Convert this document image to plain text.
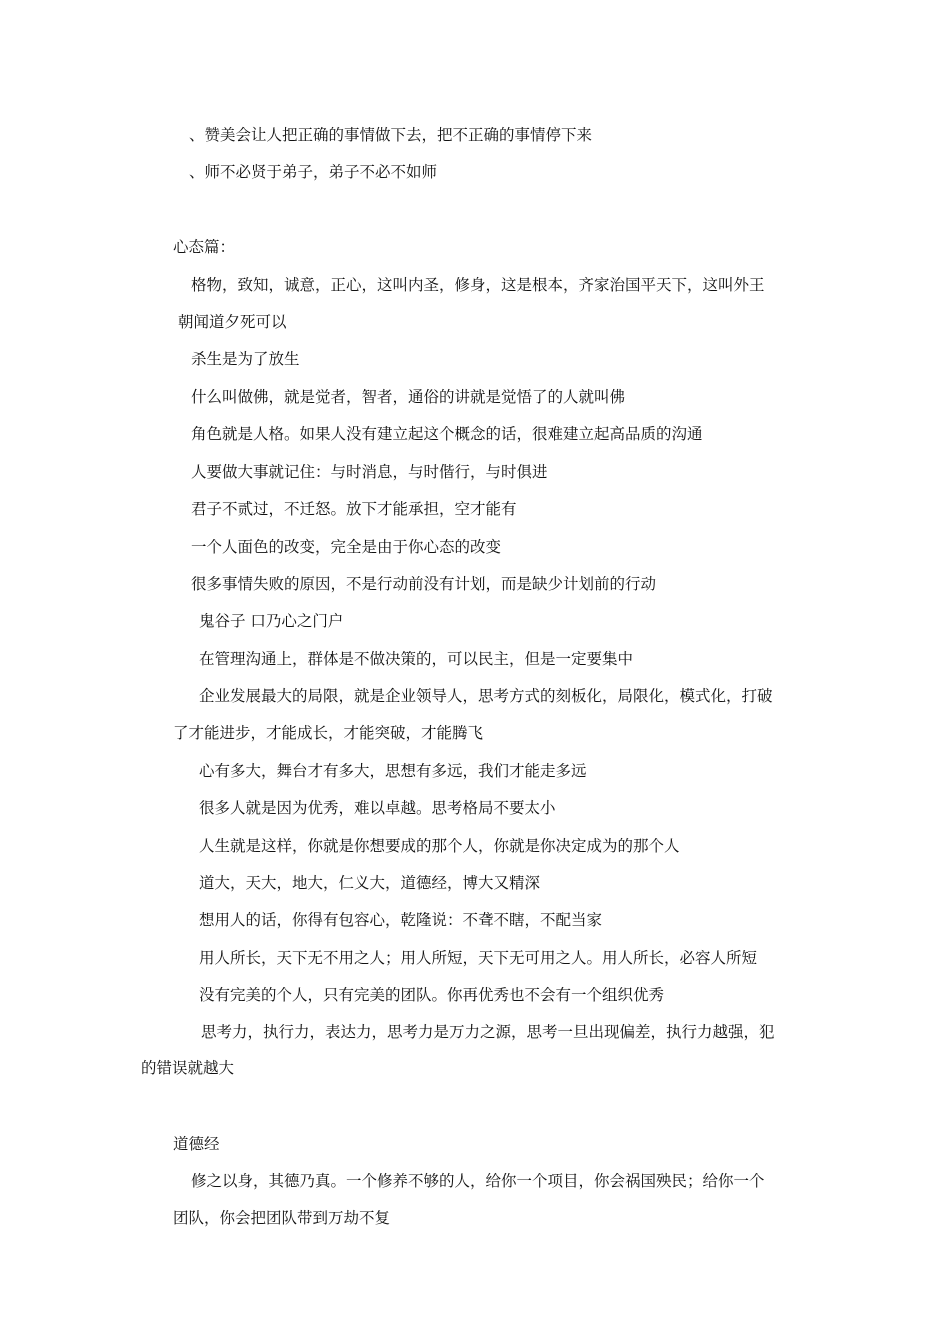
、赞美会让人把正确的事情做下去，把不正确的事情停下来

、师不必贤于弟子，弟子不必不如师

心态篇：

格物，致知，诚意，正心，这叫内圣，修身，这是根本，齐家治国平天下，这叫外王

朝闻道夕死可以

杀生是为了放生

什么叫做佛，就是觉者，智者，通俗的讲就是觉悟了的人就叫佛

角色就是人格。如果人没有建立起这个概念的话，很难建立起高品质的沟通

人要做大事就记住：与时消息，与时偕行，与时俱进

君子不贰过，不迁怒。放下才能承担，空才能有

一个人面色的改变，完全是由于你心态的改变

很多事情失败的原因，不是行动前没有计划，而是缺少计划前的行动

鬼谷子 口乃心之门户

在管理沟通上，群体是不做决策的，可以民主，但是一定要集中

企业发展最大的局限，就是企业领导人，思考方式的刻板化，局限化，模式化，打破

了才能进步，才能成长，才能突破，才能腾飞

心有多大，舞台才有多大，思想有多远，我们才能走多远

很多人就是因为优秀，难以卓越。思考格局不要太小

人生就是这样，你就是你想要成的那个人，你就是你决定成为的那个人

道大，天大，地大，仁义大，道德经，博大又精深

想用人的话，你得有包容心，乾隆说：不聋不瞎，不配当家

用人所长，天下无不用之人；用人所短，天下无可用之人。用人所长，必容人所短

没有完美的个人，只有完美的团队。你再优秀也不会有一个组织优秀

思考力，执行力，表达力，思考力是万力之源，思考一旦出现偏差，执行力越强，犯

的错误就越大

道德经

修之以身，其德乃真。一个修养不够的人，给你一个项目，你会祸国殃民；给你一个

团队，你会把团队带到万劫不复
